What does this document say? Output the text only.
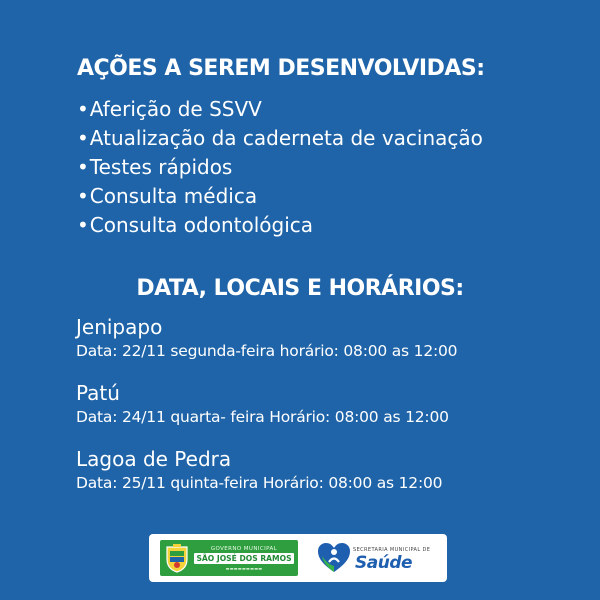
AÇÕES A SEREM DESENVOLVIDAS:
•Aferição de SSVV
•Atualização da caderneta de vacinação
•Testes rápidos
•Consulta médica
•Consulta odontológica
DATA, LOCAIS E HORÁRIOS:
Jenipapo
Data: 22/11 segunda-feira horário: 08:00 as 12:00
Patú
Data: 24/11 quarta- feira Horário: 08:00 as 12:00
Lagoa de Pedra
Data: 25/11 quinta-feira Horário: 08:00 as 12:00
GOVERNO MUNICIPAL
SÃO JOSÉ DOS RAMOS
▬▬▬▬▬▬▬▬▬
SECRETARIA MUNICIPAL DE
Saúde
